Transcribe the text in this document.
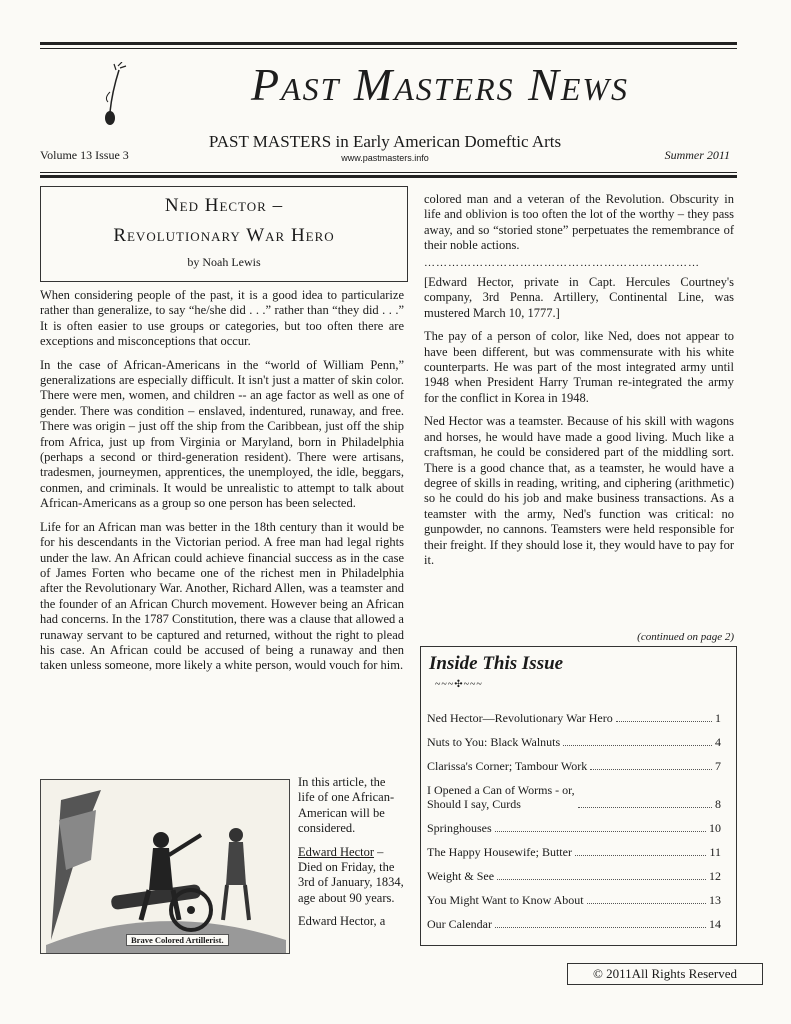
Past Masters News
PAST MASTERS in Early American Domeftic Arts
www.pastmasters.info
Volume 13 Issue 3	Summer 2011
Ned Hector –
Revolutionary War Hero
by Noah Lewis

When considering people of the past, it is a good idea to particularize rather than generalize, to say “he/she did . . .” rather than “they did . . .” It is often easier to use groups or categories, but too often there are exceptions and misconceptions that occur.

In the case of African-Americans in the “world of William Penn,” generalizations are especially difficult. It isn't just a matter of skin color. There were men, women, and children -- an age factor as well as one of gender. There was condition – enslaved, indentured, runaway, and free. There was origin – just off the ship from the Caribbean, just off the ship from Africa, just up from Virginia or Maryland, born in Philadelphia (perhaps a second or third-generation resident). There were artisans, tradesmen, journeymen, apprentices, the unemployed, the idle, beggars, conmen, and criminals. It would be unrealistic to attempt to talk about African-Americans as a group so one person has been selected.

Life for an African man was better in the 18th century than it would be for his descendants in the Victorian period. A free man had legal rights under the law. An African could achieve financial success as in the case of James Forten who became one of the richest men in Philadelphia after the Revolutionary War. Another, Richard Allen, was a teamster and the founder of an African Church movement. However being an African had concerns. In the 1787 Constitution, there was a clause that allowed a runaway servant to be captured and returned, without the right to plead his case. An African could be accused of being a runaway and then taken unless someone, more likely a white person, would vouch for him.

Brave Colored Artillerist.

In this article, the life of one African-American will be considered.

Edward Hector – Died on Friday, the 3rd of January, 1834, age about 90 years.

Edward Hector, a

colored man and a veteran of the Revolution. Obscurity in life and oblivion is too often the lot of the worthy – they pass away, and so “storied stone” perpetuates the remembrance of their noble actions.

……………………………………………………………

[Edward Hector, private in Capt. Hercules Courtney's company, 3rd Penna. Artillery, Continental Line, was mustered March 10, 1777.]

The pay of a person of color, like Ned, does not appear to have been different, but was commensurate with his white counterparts. He was part of the most integrated army until 1948 when President Harry Truman re-integrated the army for the conflict in Korea in 1948.

Ned Hector was a teamster. Because of his skill with wagons and horses, he would have made a good living. Much like a craftsman, he could be considered part of the middling sort. There is a good chance that, as a teamster, he would have a degree of skills in reading, writing, and ciphering (arithmetic) so he could do his job and make business transactions. As a teamster with the army, Ned's function was critical: no gunpowder, no cannons. Teamsters were held responsible for their freight. If they should lose it, they would have to pay for it.

(continued on page 2)
Inside This Issue
~~~✣~~~
Ned Hector—Revolutionary War Hero	1
Nuts to You: Black Walnuts	4
Clarissa's Corner; Tambour Work	7
I Opened a Can of Worms - or,
Should I say, Curds	8
Springhouses	10
The Happy Housewife; Butter	11
Weight & See	12
You Might Want to Know About	13
Our Calendar	14
© 2011All Rights Reserved
